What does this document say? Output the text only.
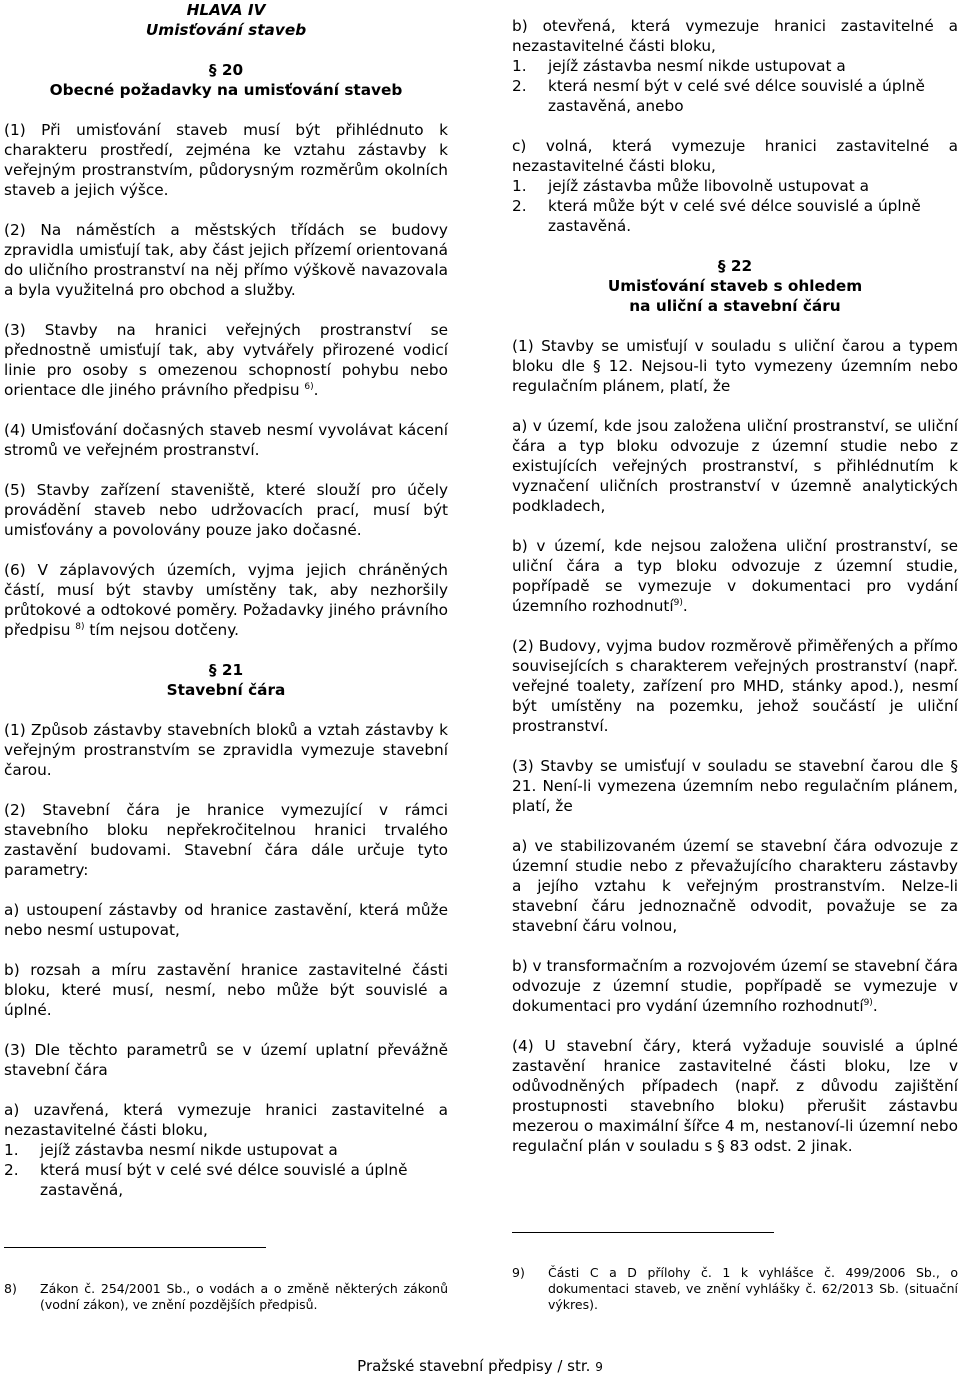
HLAVA IV

Umisťování staveb

§ 20

Obecné požadavky na umisťování staveb

(1) Při umisťování staveb musí být přihlédnuto k charakteru prostředí, zejména ke vztahu zástavby k veřejným prostranstvím, půdorysným rozměrům okolních staveb a jejich výšce.

(2) Na náměstích a městských třídách se budovy zpravidla umisťují tak, aby část jejich přízemí orientovaná do uličního prostranství na něj přímo výškově navazovala a byla využitelná pro obchod a služby.

(3) Stavby na hranici veřejných prostranství se přednostně umisťují tak, aby vytvářely přirozené vodicí linie pro osoby s omezenou schopností pohybu nebo orientace dle jiného právního předpisu $^{6)}$.

(4) Umisťování dočasných staveb nesmí vyvolávat kácení stromů ve veřejném prostranství.

(5) Stavby zařízení staveniště, které slouží pro účely provádění staveb nebo udržovacích prací, musí být umisťovány a povolovány pouze jako dočasné.

(6) V záplavových územích, vyjma jejich chráněných částí, musí být stavby umístěny tak, aby nezhoršily průtokové a odtokové poměry. Požadavky jiného právního předpisu $^{8)}$ tím nejsou dotčeny.

§ 21

Stavební čára

(1) Způsob zástavby stavebních bloků a vztah zástavby k veřejným prostranstvím se zpravidla vymezuje stavební čarou.

(2) Stavební čára je hranice vymezující v rámci stavebního bloku nepřekročitelnou hranici trvalého zastavění budovami. Stavební čára dále určuje tyto parametry:

a) ustoupení zástavby od hranice zastavění, která může nebo nesmí ustupovat,

b) rozsah a míru zastavění hranice zastavitelné části bloku, které musí, nesmí, nebo může být souvislé a úplné.

(3) Dle těchto parametrů se v území uplatní převážně stavební čára

a) uzavřená, která vymezuje hranici zastavitelné a nezastavitelné části bloku,

1.	jejíž zástavba nesmí nikde ustupovat a
2.	která musí být v celé své délce souvislé a úplně zastavěná,
8)	Zákon č. 254/2001 Sb., o vodách a o změně některých zákonů (vodní zákon), ve znění pozdějších předpisů.

b) otevřená, která vymezuje hranici zastavitelné a nezastavitelné části bloku,

1.	jejíž zástavba nesmí nikde ustupovat a
2.	která nesmí být v celé své délce souvislé a úplně zastavěná, anebo

c) volná, která vymezuje hranici zastavitelné a nezastavitelné části bloku,

1.	jejíž zástavba může libovolně ustupovat a
2.	která může být v celé své délce souvislé a úplně zastavěná.

§ 22

Umisťování staveb s ohledem

na uliční a stavební čáru

(1) Stavby se umisťují v souladu s uliční čarou a typem bloku dle § 12. Nejsou-li tyto vymezeny územním nebo regulačním plánem, platí, že

a) v území, kde jsou založena uliční prostranství, se uliční čára a typ bloku odvozuje z územní studie nebo z existujících veřejných prostranství, s přihlédnutím k vyznačení uličních prostranství v územně analytických podkladech,

b) v území, kde nejsou založena uliční prostranství, se uliční čára a typ bloku odvozuje z územní studie, popřípadě se vymezuje v dokumentaci pro vydání územního rozhodnutí$^{9)}$.

(2) Budovy, vyjma budov rozměrově přiměřených a přímo souvisejících s charakterem veřejných prostranství (např. veřejné toalety, zařízení pro MHD, stánky apod.), nesmí být umístěny na pozemku, jehož součástí je uliční prostranství.

(3) Stavby se umisťují v souladu se stavební čarou dle § 21. Není-li vymezena územním nebo regulačním plánem, platí, že

a) ve stabilizovaném území se stavební čára odvozuje z územní studie nebo z převažujícího charakteru zástavby a jejího vztahu k veřejným prostranstvím. Nelze-li stavební čáru jednoznačně odvodit, považuje se za stavební čáru volnou,

b) v transformačním a rozvojovém území se stavební čára odvozuje z územní studie, popřípadě se vymezuje v dokumentaci pro vydání územního rozhodnutí$^{9)}$.

(4) U stavební čáry, která vyžaduje souvislé a úplné zastavění hranice zastavitelné části bloku, lze v odůvodněných případech (např. z důvodu zajištění prostupnosti stavebního bloku) přerušit zástavbu mezerou o maximální šířce 4 m, nestanoví-li územní nebo regulační plán v souladu s § 83 odst. 2 jinak.

9)	Části C a D přílohy č. 1 k vyhlášce č. 499/2006 Sb., o dokumentaci staveb, ve znění vyhlášky č. 62/2013 Sb. (situační výkres).
Pražské stavební předpisy / str. 9
